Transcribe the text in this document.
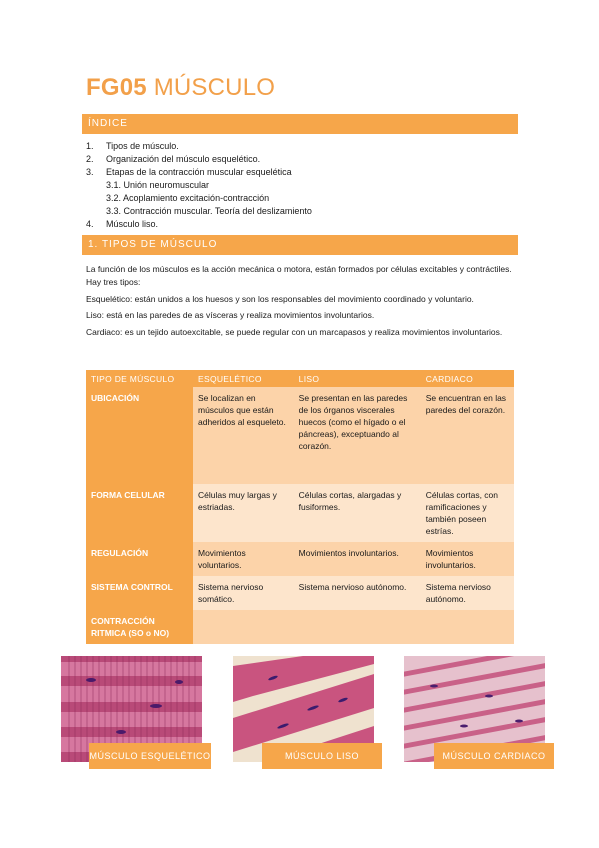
FG05 MÚSCULO
ÍNDICE
1.	Tipos de músculo.
2.	Organización del músculo esquelético.
3.	Etapas de la contracción muscular esquelética
3.1. Unión neuromuscular
3.2. Acoplamiento excitación-contracción
3.3. Contracción muscular. Teoría del deslizamiento
4.	Músculo liso.
1. TIPOS DE MÚSCULO
La función de los músculos es la acción mecánica o motora, están formados por células excitables y contráctiles. Hay tres tipos:
Esquelético: están unidos a los huesos y son los responsables del movimiento coordinado y voluntario.
Liso: está en las paredes de as vísceras y realiza movimientos involuntarios.
Cardiaco: es un tejido autoexcitable, se puede regular con un marcapasos y realiza movimientos involuntarios.
TIPO DE MÚSCULO	ESQUELÉTICO	LISO	CARDIACO
UBICACIÓN	Se localizan en músculos que están adheridos al esqueleto.	Se presentan en las paredes de los órganos viscerales huecos (como el hígado o el páncreas), exceptuando al corazón.	Se encuentran en las paredes del corazón.
FORMA CELULAR	Células muy largas y estriadas.	Células cortas, alargadas y fusiformes.	Células cortas, con ramificaciones y también poseen estrías.
REGULACIÓN	Movimientos voluntarios.	Movimientos involuntarios.	Movimientos involuntarios.
SISTEMA CONTROL	Sistema nervioso somático.	Sistema nervioso autónomo.	Sistema nervioso autónomo.
CONTRACCIÓN RITMICA (SO o NO)			
MÚSCULO ESQUELÉTICO	MÚSCULO LISO	MÚSCULO CARDIACO
